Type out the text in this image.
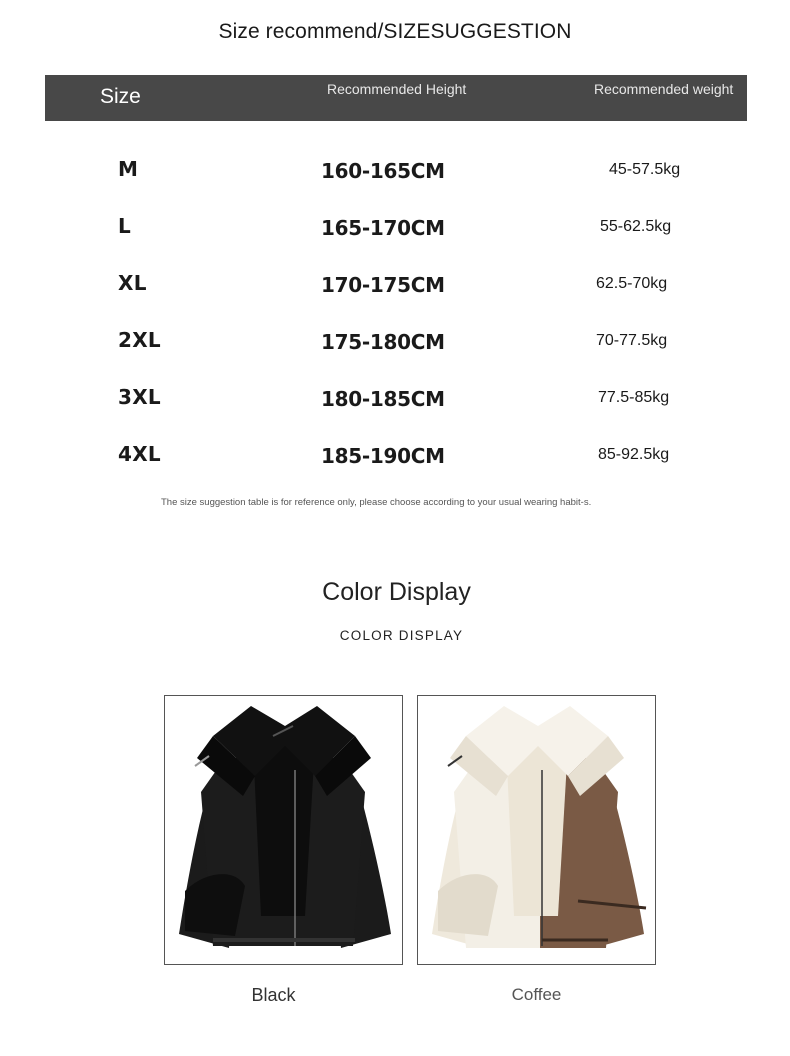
Size recommend/SIZESUGGESTION
Size	Recommended Height	Recommended weight
M	160-165CM	45-57.5kg
L	165-170CM	55-62.5kg
XL	170-175CM	62.5-70kg
2XL	175-180CM	70-77.5kg
3XL	180-185CM	77.5-85kg
4XL	185-190CM	85-92.5kg
The size suggestion table is for reference only, please choose according to your usual wearing habit-s.
Color Display
COLOR DISPLAY
Black	Coffee
